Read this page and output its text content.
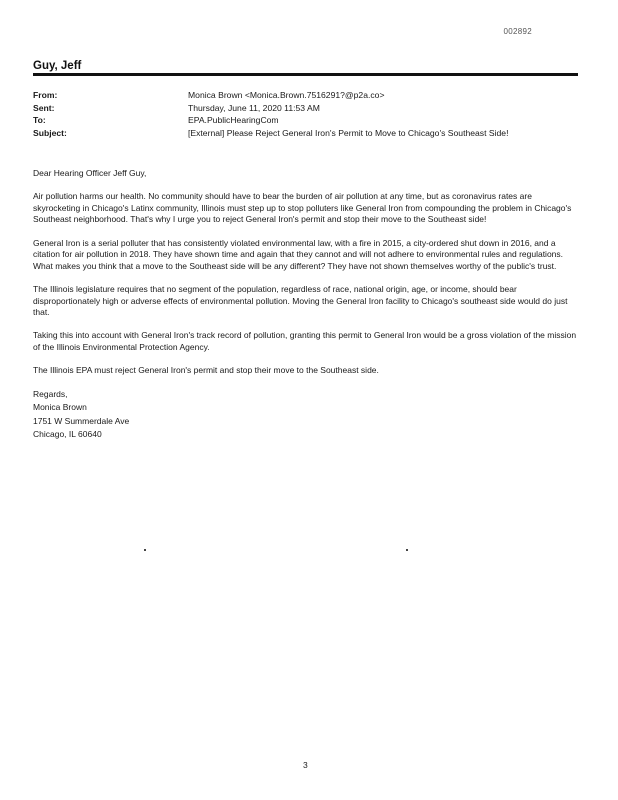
002892
Guy, Jeff
From:	Monica Brown <Monica.Brown.7516291?@p2a.co>
Sent:	Thursday, June 11, 2020 11:53 AM
To:	EPA.PublicHearingCom
Subject:	[External] Please Reject General Iron's Permit to Move to Chicago's Southeast Side!

Dear Hearing Officer Jeff Guy,

Air pollution harms our health. No community should have to bear the burden of air pollution at any time, but as coronavirus rates are skyrocketing in Chicago's Latinx community, Illinois must step up to stop polluters like General Iron from compounding the problem in Chicago's Southeast neighborhood. That's why I urge you to reject General Iron's permit and stop their move to the Southeast side!

General Iron is a serial polluter that has consistently violated environmental law, with a fire in 2015, a city-ordered shut down in 2016, and a citation for air pollution in 2018. They have shown time and again that they cannot and will not adhere to environmental rules and regulations. What makes you think that a move to the Southeast side will be any different? They have not shown themselves worthy of the public's trust.

The Illinois legislature requires that no segment of the population, regardless of race, national origin, age, or income, should bear disproportionately high or adverse effects of environmental pollution. Moving the General Iron facility to Chicago's southeast side would do just that.

Taking this into account with General Iron's track record of pollution, granting this permit to General Iron would be a gross violation of the mission of the Illinois Environmental Protection Agency.

The Illinois EPA must reject General Iron's permit and stop their move to the Southeast side.

Regards,
Monica Brown
1751 W Summerdale Ave
Chicago, IL 60640
3
